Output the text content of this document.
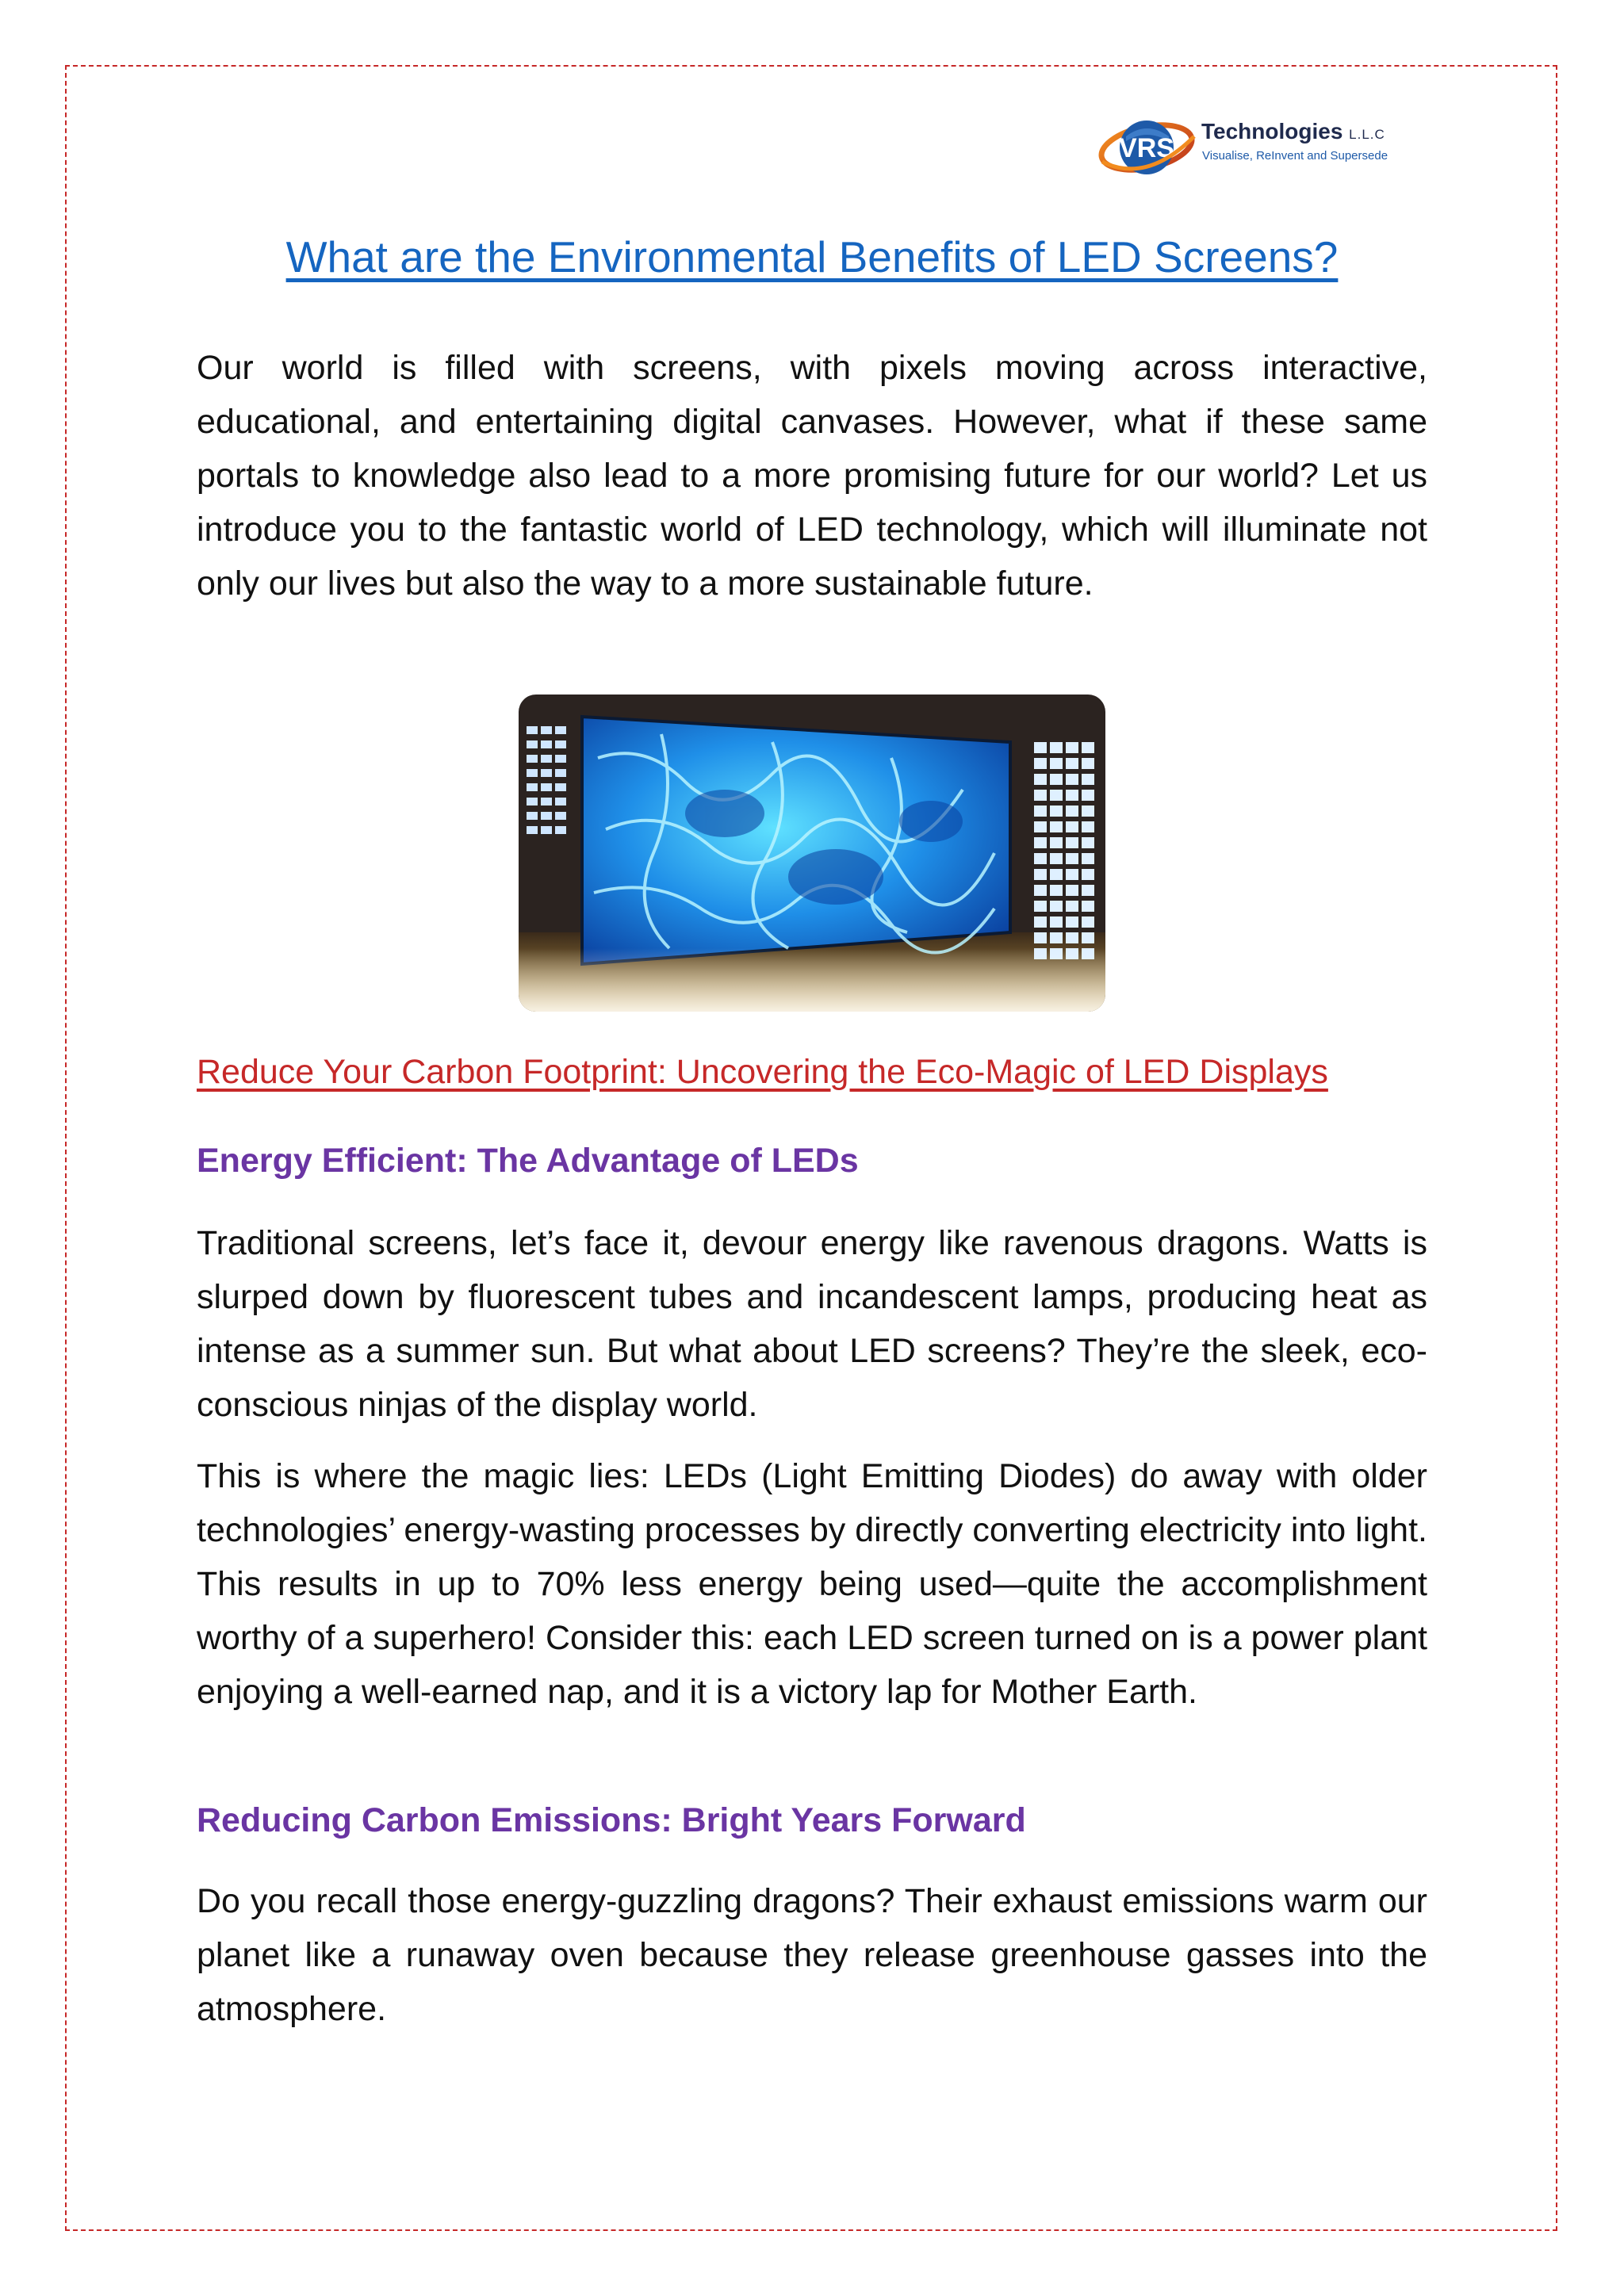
VRS
Technologies L.L.C
Visualise, ReInvent and Supersede
What are the Environmental Benefits of LED Screens?
Our world is filled with screens, with pixels moving across interactive, educational, and entertaining digital canvases. However, what if these same portals to knowledge also lead to a more promising future for our world? Let us introduce you to the fantastic world of LED technology, which will illuminate not only our lives but also the way to a more sustainable future.
Reduce Your Carbon Footprint: Uncovering the Eco-Magic of LED Displays
Energy Efficient: The Advantage of LEDs
Traditional screens, let’s face it, devour energy like ravenous dragons. Watts is slurped down by fluorescent tubes and incandescent lamps, producing heat as intense as a summer sun. But what about LED screens? They’re the sleek, eco-conscious ninjas of the display world.
This is where the magic lies: LEDs (Light Emitting Diodes) do away with older technologies’ energy-wasting processes by directly converting electricity into light. This results in up to 70% less energy being used—quite the accomplishment worthy of a superhero! Consider this: each LED screen turned on is a power plant enjoying a well-earned nap, and it is a victory lap for Mother Earth.
Reducing Carbon Emissions: Bright Years Forward
Do you recall those energy-guzzling dragons? Their exhaust emissions warm our planet like a runaway oven because they release greenhouse gasses into the atmosphere.
